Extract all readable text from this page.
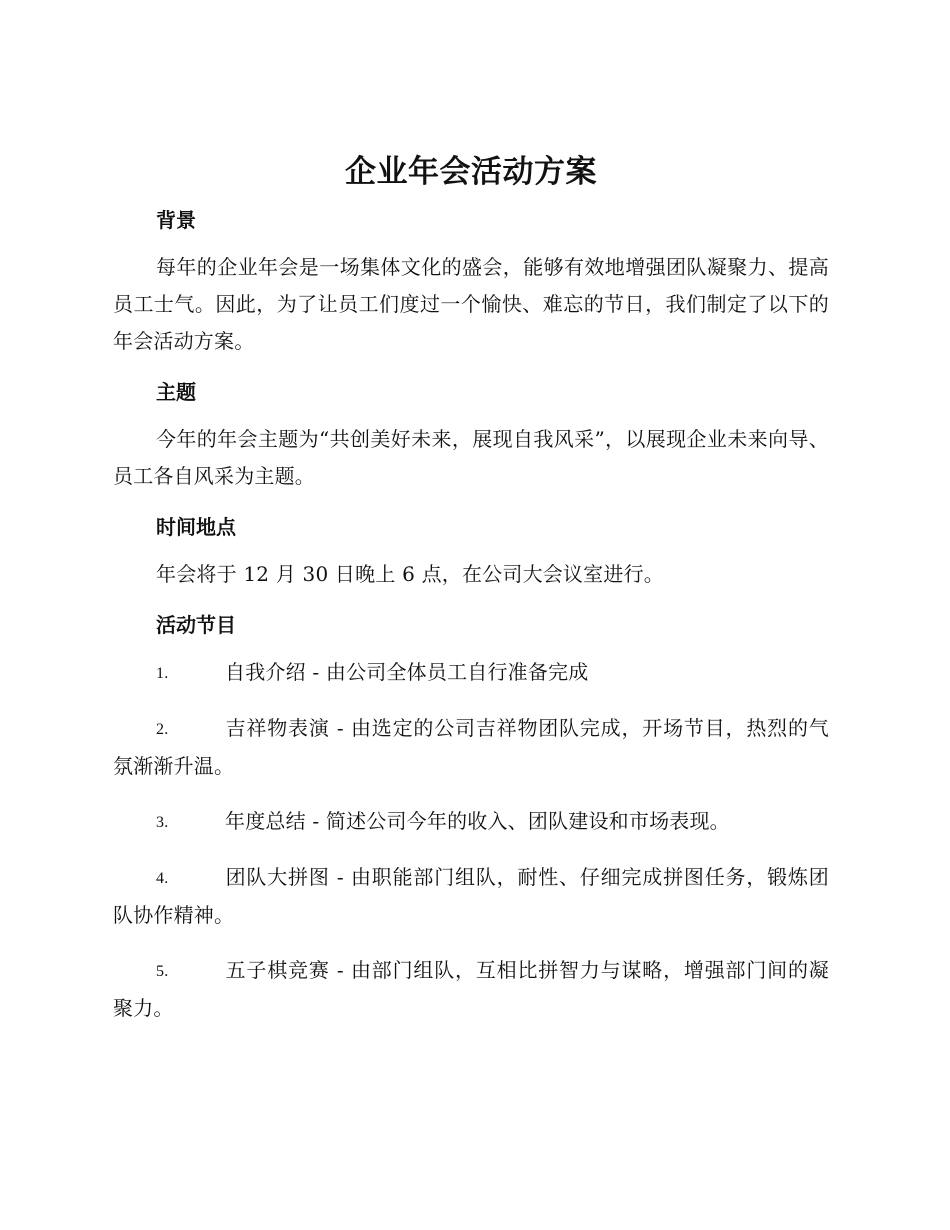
企业年会活动方案
背景

每年的企业年会是一场集体文化的盛会，能够有效地增强团队凝聚力、提高员工士气。因此，为了让员工们度过一个愉快、难忘的节日，我们制定了以下的年会活动方案。

主题

今年的年会主题为“共创美好未来，展现自我风采”，以展现企业未来向导、员工各自风采为主题。

时间地点

年会将于 12 月 30 日晚上 6 点，在公司大会议室进行。

活动节目
1.	自我介绍 - 由公司全体员工自行准备完成
2.	吉祥物表演 - 由选定的公司吉祥物团队完成，开场节目，热烈的气氛渐渐升温。
3.	年度总结 - 简述公司今年的收入、团队建设和市场表现。
4.	团队大拼图 - 由职能部门组队，耐性、仔细完成拼图任务，锻炼团队协作精神。
5.	五子棋竞赛 - 由部门组队，互相比拼智力与谋略，增强部门间的凝聚力。
